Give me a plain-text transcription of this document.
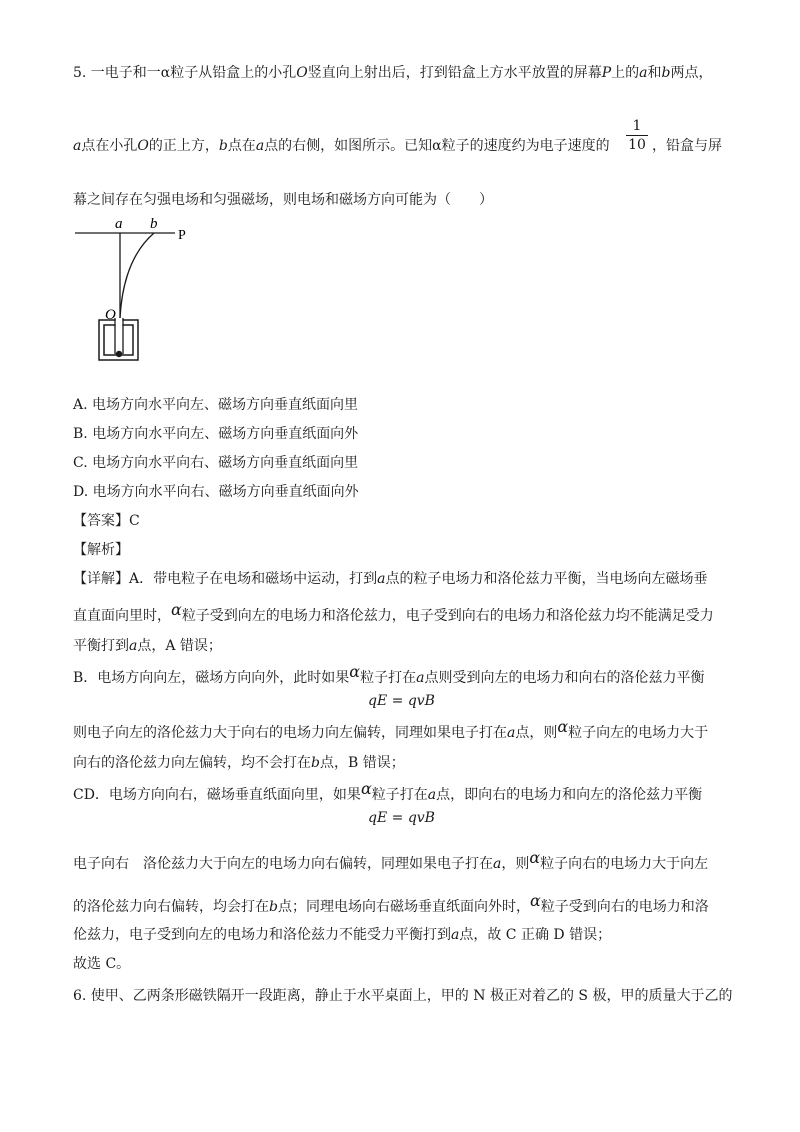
5. 一电子和一α粒子从铅盒上的小孔O竖直向上射出后，打到铅盒上方水平放置的屏幕P上的a和b两点，
a点在小孔O的正上方，b点在a点的右侧，如图所示。已知α粒子的速度约为电子速度的 $\frac{1}{10}$ ，铅盒与屏
幕之间存在匀强电场和匀强磁场，则电场和磁场方向可能为（　　）
a b
P
O
A. 电场方向水平向左、磁场方向垂直纸面向里
B. 电场方向水平向左、磁场方向垂直纸面向外
C. 电场方向水平向右、磁场方向垂直纸面向里
D. 电场方向水平向右、磁场方向垂直纸面向外
【答案】C
【解析】
【详解】A．带电粒子在电场和磁场中运动，打到a点的粒子电场力和洛伦兹力平衡，当电场向左磁场垂
直直面向里时，α粒子受到向左的电场力和洛伦兹力，电子受到向右的电场力和洛伦兹力均不能满足受力
平衡打到a点，A 错误；
B．电场方向向左，磁场方向向外，此时如果α粒子打在a点则受到向左的电场力和向右的洛伦兹力平衡
qE = qvB
则电子向左的洛伦兹力大于向右的电场力向左偏转，同理如果电子打在a点，则α粒子向左的电场力大于
向右的洛伦兹力向左偏转，均不会打在b点，B 错误；
CD．电场方向向右，磁场垂直纸面向里，如果α粒子打在a点，即向右的电场力和向左的洛伦兹力平衡
qE = qvB
电子向右　洛伦兹力大于向左的电场力向右偏转，同理如果电子打在a，则α粒子向右的电场力大于向左
的洛伦兹力向右偏转，均会打在b点；同理电场向右磁场垂直纸面向外时，α粒子受到向右的电场力和洛
伦兹力，电子受到向左的电场力和洛伦兹力不能受力平衡打到a点，故 C 正确 D 错误；
故选 C。
6. 使甲、乙两条形磁铁隔开一段距离，静止于水平桌面上，甲的 N 极正对着乙的 S 极，甲的质量大于乙的
